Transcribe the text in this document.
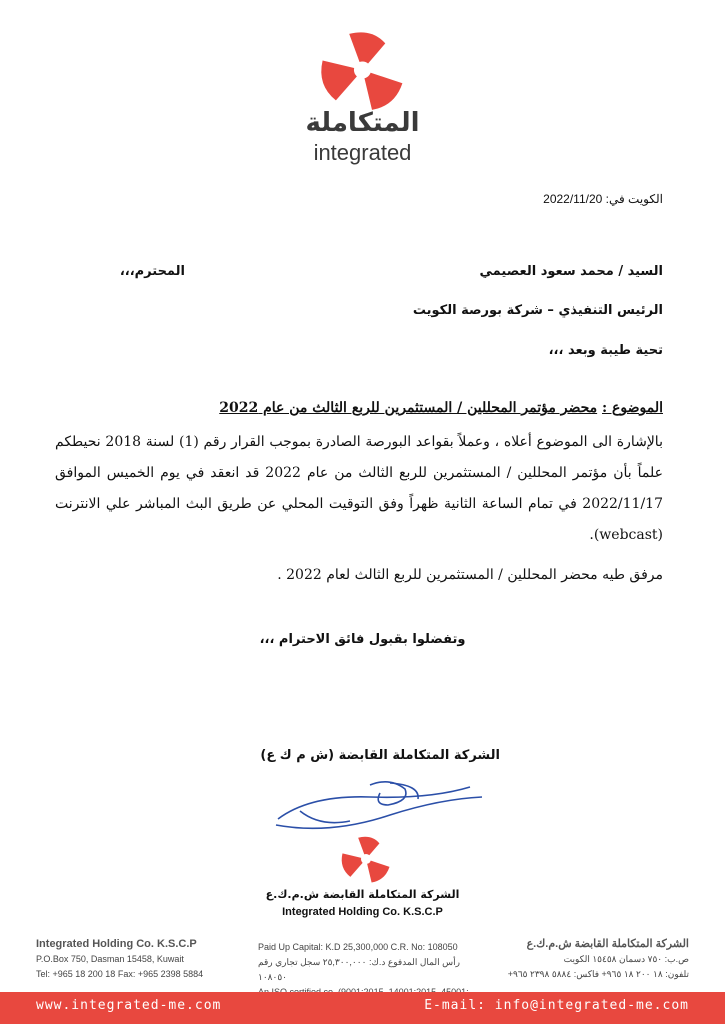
المتكاملة
integrated
الكويت في: 2022/11/20
السيد / محمد سعود العصيمي
المحترم،،،
الرئيس التنفيذي – شركة بورصة الكويت
تحية طيبة وبعد ،،،
الموضوع : محضر مؤتمر المحللين / المستثمرين للربع الثالث من عام 2022
بالإشارة الى الموضوع أعلاه ، وعملاً بقواعد البورصة الصادرة بموجب القرار رقم (1) لسنة 2018 نحيطكم علماً بأن مؤتمر المحللين / المستثمرين للربع الثالث من عام 2022 قد انعقد في يوم الخميس الموافق 2022/11/17 في تمام الساعة الثانية ظهراً وفق التوقيت المحلي عن طريق البث المباشر علي الانترنت (webcast).
مرفق طيه محضر المحللين / المستثمرين للربع الثالث لعام 2022 .
وتفضلوا بقبول فائق الاحترام ،،،
الشركة المتكاملة القابضة (ش م ك ع)
الشركة المتكاملة القابضة ش.م.ك.ع
Integrated Holding Co. K.S.C.P
Integrated Holding Co. K.S.C.P
P.O.Box 750, Dasman 15458, Kuwait
Tel: +965 18 200 18 Fax: +965 2398 5884
Paid Up Capital: K.D 25,300,000 C.R. No: 108050
رأس المال المدفوع د.ك: ٢٥,٣٠٠,٠٠٠ سجل تجاري رقم ١٠٨٠٥٠
الشركة المتكاملة القابضة ش.م.ك.ع
ص.ب: ٧٥٠ دسمان ١٥٤٥٨ الكويت
تلفون: ١٨ ٢٠٠ ١٨ ٩٦٥+ فاكس: ٥٨٨٤ ٢٣٩٨ ٩٦٥+
www.integrated-me.com	E-mail: info@integrated-me.com
